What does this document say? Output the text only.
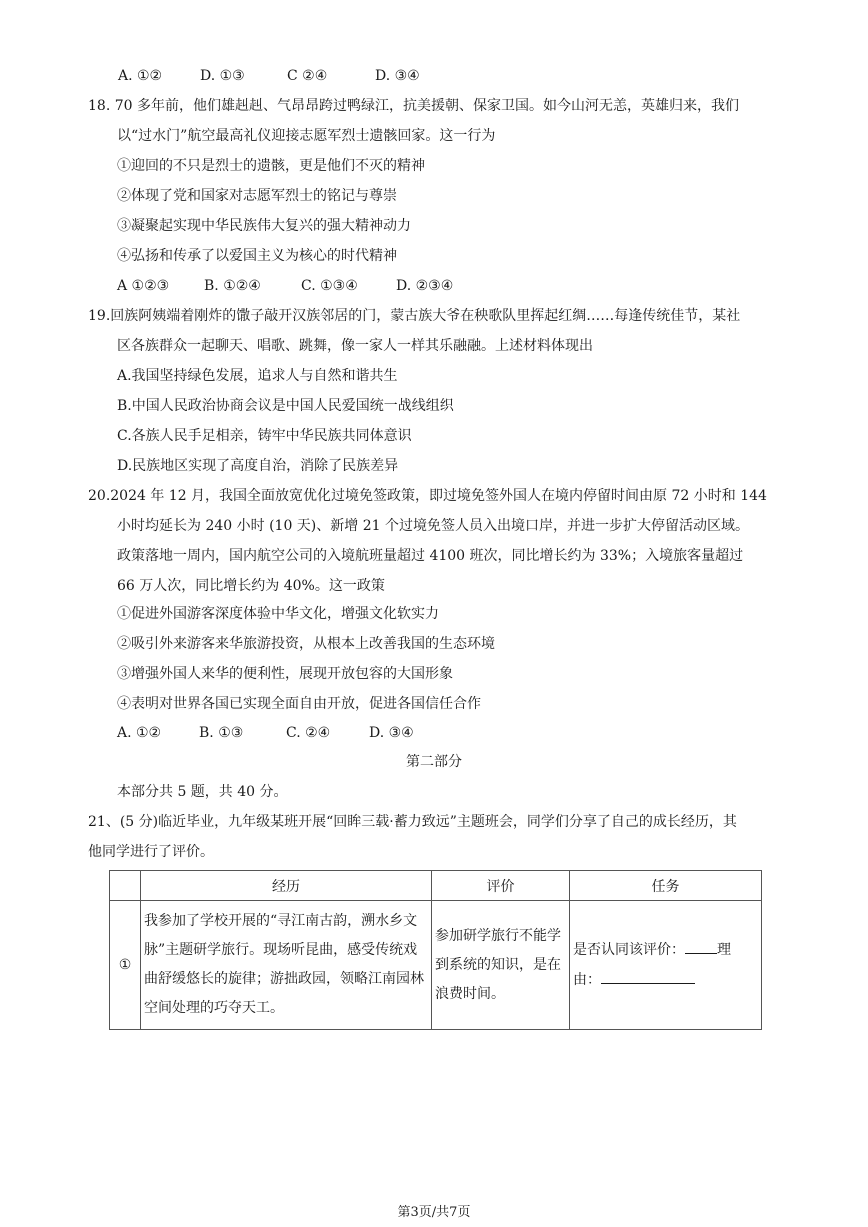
A. ①②	D. ①③	C ②④	D. ③④
18. 70 多年前，他们雄赳赳、气昂昂跨过鸭绿江，抗美援朝、保家卫国。如今山河无恙，英雄归来，我们
以“过水门”航空最高礼仪迎接志愿军烈士遗骸回家。这一行为
①迎回的不只是烈士的遗骸，更是他们不灭的精神
②体现了党和国家对志愿军烈士的铭记与尊崇
③凝聚起实现中华民族伟大复兴的强大精神动力
④弘扬和传承了以爱国主义为核心的时代精神
A ①②③ B. ①②④	C. ①③④	D. ②③④
19.回族阿姨端着刚炸的馓子敲开汉族邻居的门，蒙古族大爷在秧歌队里挥起红绸……每逢传统佳节，某社
区各族群众一起聊天、唱歌、跳舞，像一家人一样其乐融融。上述材料体现出
A.我国坚持绿色发展，追求人与自然和谐共生
B.中国人民政治协商会议是中国人民爱国统一战线组织
C.各族人民手足相亲，铸牢中华民族共同体意识
D.民族地区实现了高度自治，消除了民族差异
20.2024 年 12 月，我国全面放宽优化过境免签政策，即过境免签外国人在境内停留时间由原 72 小时和 144
小时均延长为 240 小时 (10 天)、新增 21 个过境免签人员入出境口岸，并进一步扩大停留活动区域。
政策落地一周内，国内航空公司的入境航班量超过 4100 班次，同比增长约为 33%；入境旅客量超过
66 万人次，同比增长约为 40%。这一政策
①促进外国游客深度体验中华文化，增强文化软实力
②吸引外来游客来华旅游投资，从根本上改善我国的生态环境
③增强外国人来华的便利性，展现开放包容的大国形象
④表明对世界各国已实现全面自由开放，促进各国信任合作
A. ①②	B. ①③	C. ②④	D. ③④
第二部分
本部分共 5 题，共 40 分。
21、(5 分)临近毕业，九年级某班开展“回眸三载·蓄力致远”主题班会，同学们分享了自己的成长经历，其
他同学进行了评价。
	经历	评价	任务
①	我参加了学校开展的“寻江南古韵，溯水乡文脉”主题研学旅行。现场听昆曲，感受传统戏曲舒缓悠长的旋律；游拙政园，领略江南园林空间处理的巧夺天工。	参加研学旅行不能学到系统的知识，是在浪费时间。	是否认同该评价： 理
由：
第3页/共7页
